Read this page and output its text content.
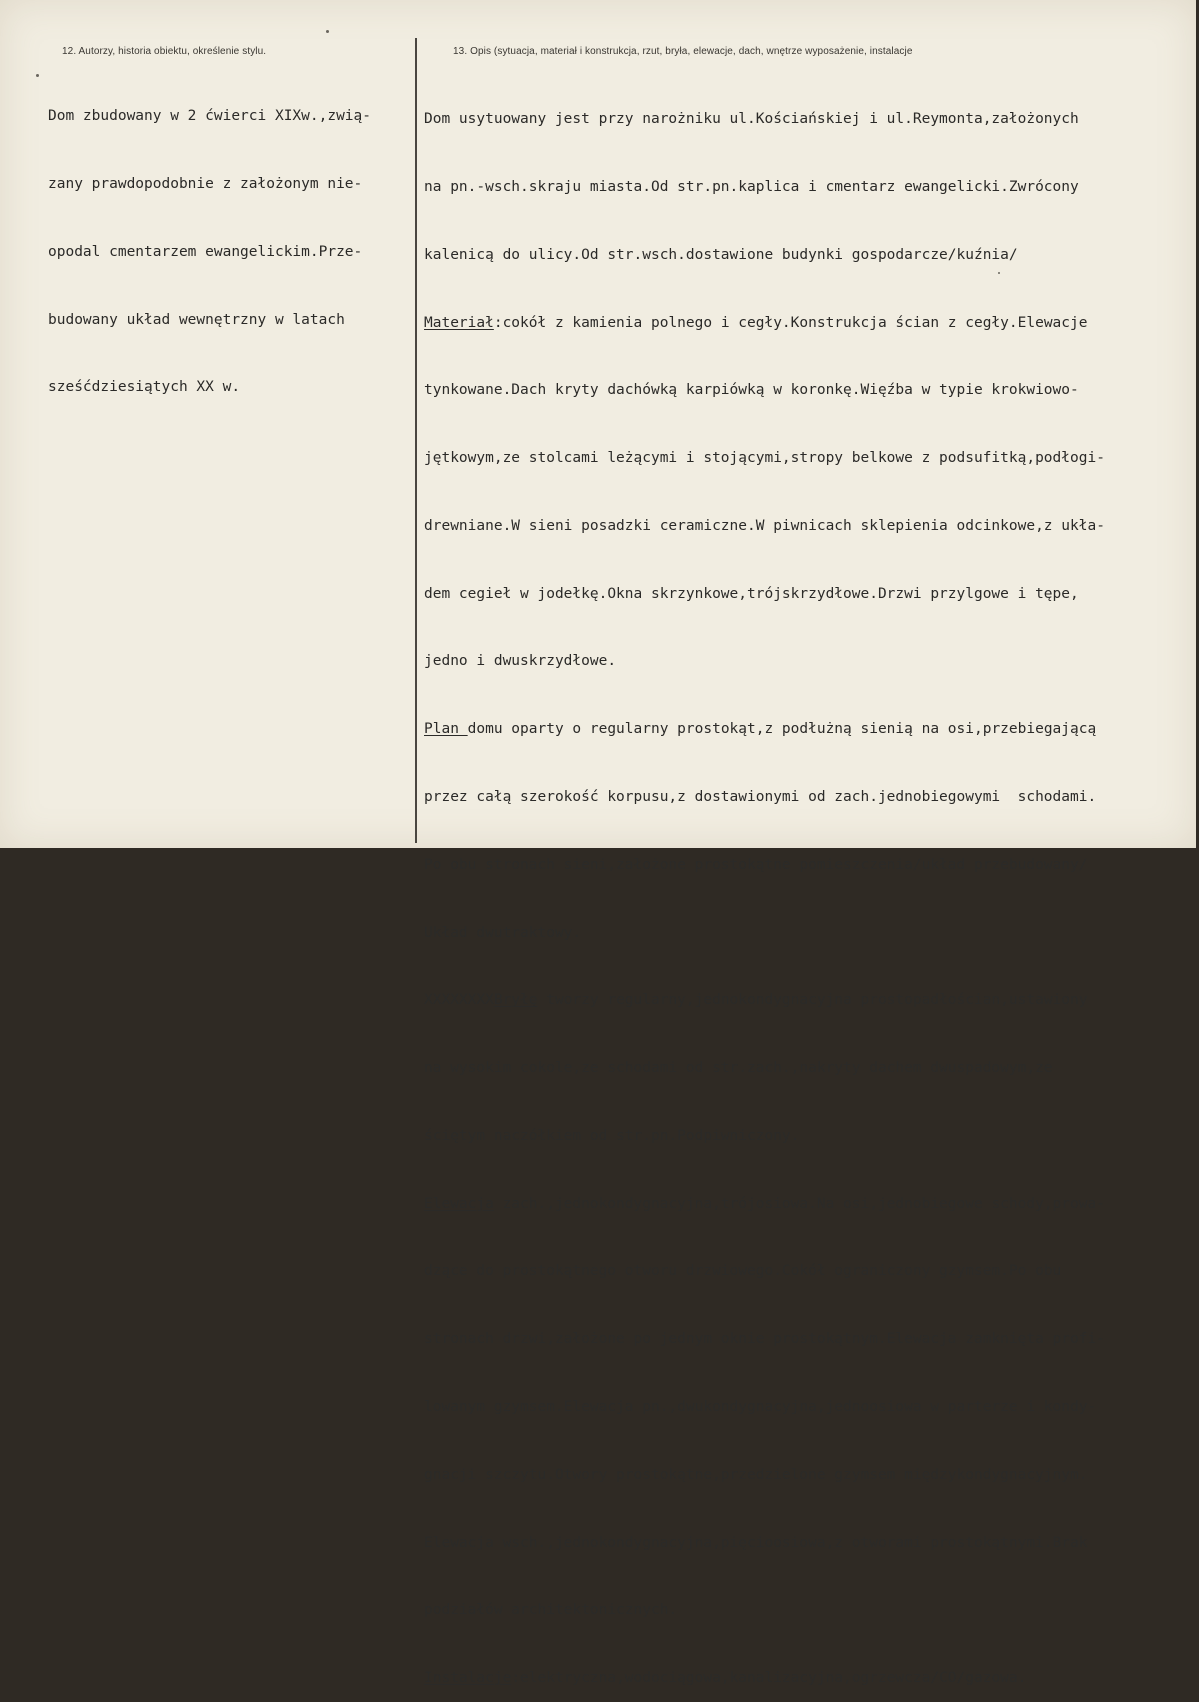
12. Autorzy, historia obiektu, określenie stylu.	13. Opis (sytuacja, materiał i konstrukcja, rzut, bryła, elewacje, dach, wnętrze wyposażenie, instalacje

Dom zbudowany w 2 ćwierci XIXw.,zwią-

zany prawdopodobnie z założonym nie-

opodal cmentarzem ewangelickim.Prze-

budowany układ wewnętrzny w latach

sześćdziesiątych XX w.

Dom usytuowany jest przy narożniku ul.Kościańskiej i ul.Reymonta,założonych

na pn.-wsch.skraju miasta.Od str.pn.kaplica i cmentarz ewangelicki.Zwrócony

kalenicą do ulicy.Od str.wsch.dostawione budynki gospodarcze/kuźnia/

Materiał:cokół z kamienia polnego i cegły.Konstrukcja ścian z cegły.Elewacje

tynkowane.Dach kryty dachówką karpiówką w koronkę.Więźba w typie krokwiowo-

jętkowym,ze stolcami leżącymi i stojącymi,stropy belkowe z podsufitką,podłogi-

drewniane.W sieni posadzki ceramiczne.W piwnicach sklepienia odcinkowe,z ukła-

dem cegieł w jodełkę.Okna skrzynkowe,trójskrzydłowe.Drzwi przylgowe i tępe,

jedno i dwuskrzydłowe.

Plan domu oparty o regularny prostokąt,z podłużną sienią na osi,przebiegającą

przez całą szerokość korpusu,z dostawionymi od zach.jednobiegowymi  schodami.

Po obu stronach sieni,założone prostokątne pomieszczenia/układ przebudowany/

Układ dwutraktowy.

XXXXXXXXBryłę tworzy regularny,jednokondygnacyjna prostopadłościan,ustawiony

na wysokim cokole,ze schodami od str.zach.,nakryty dachem dwuspadowym,ze

ściętym naczółkiem od str.pn.Podpiwniczony.

Elewacja zach.,jednokondygnacyjna,trójosiowa.Na osi,jednobiegowe schody,prowa-

dzące do prostokątnego otworu drzwiowego.Cokół ograniczony gzymsem.Po obu

stronach drzwi,założone po jednym oknie prostokątnym.Elewacja zamknięta profi-

lowanym gzymsem.Elewacja pn.,dwukondygnacyjna,jednoosiowa w parterze i kondy-

gnacji szczytu.Otwory prostokątne,przedzielone gzymsem międzykondygnacyjnym.

Elewacja wsch.,jednokondygnacyjna,pięcioosiowa,z otworami prostokątnymi.Brak

podziałów architektonicznych.

Instalacje:elektryczna,wodociągowa,kanalizacyjna,ogrzewcza/CO/gazowa.
